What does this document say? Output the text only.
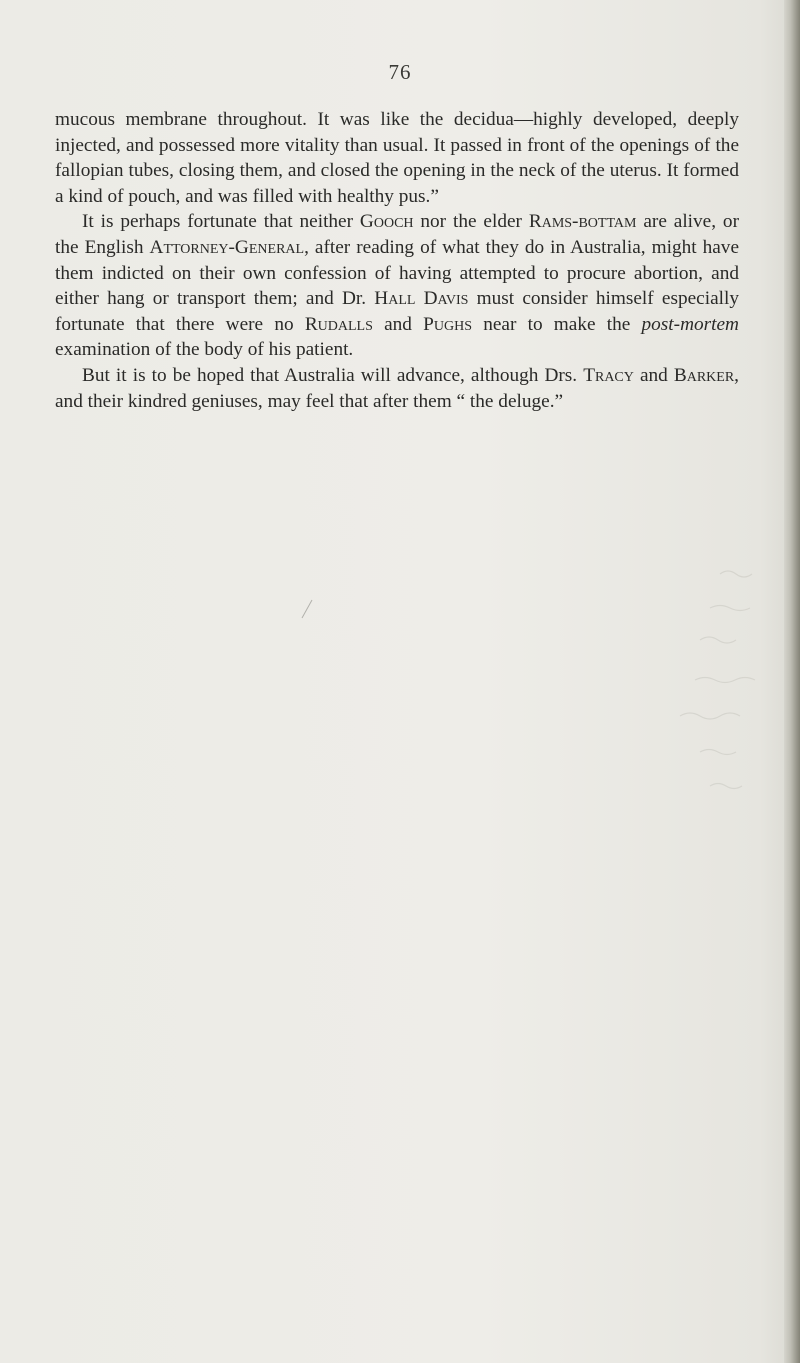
76

mucous membrane throughout. It was like the decidua—highly developed, deeply injected, and possessed more vitality than usual. It passed in front of the openings of the fallopian tubes, closing them, and closed the opening in the neck of the uterus. It formed a kind of pouch, and was filled with healthy pus.”

It is perhaps fortunate that neither Gooch nor the elder Rams-bottam are alive, or the English Attorney-General, after reading of what they do in Australia, might have them indicted on their own confession of having attempted to procure abortion, and either hang or transport them; and Dr. Hall Davis must consider himself especially fortunate that there were no Rudalls and Pughs near to make the post-mortem examination of the body of his patient.

But it is to be hoped that Australia will advance, although Drs. Tracy and Barker, and their kindred geniuses, may feel that after them “ the deluge.”
